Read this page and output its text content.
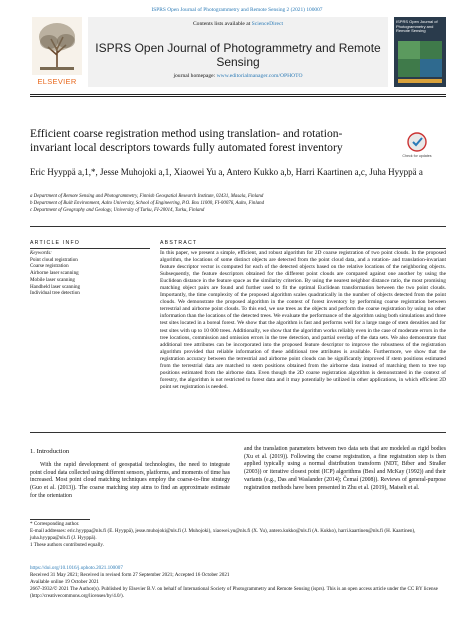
ISPRS Open Journal of Photogrammetry and Remote Sensing 2 (2021) 100007
ELSEVIER
Contents lists available at ScienceDirect
ISPRS Open Journal of Photogrammetry and Remote Sensing
journal homepage: www.editorialmanager.com/OPHOTO
ISPRS Open Journal of Photogrammetry and Remote Sensing
Efficient coarse registration method using translation- and rotation-invariant local descriptors towards fully automated forest inventory
Check for updates
Eric Hyyppä a,1,*, Jesse Muhojoki a,1, Xiaowei Yu a, Antero Kukko a,b, Harri Kaartinen a,c, Juha Hyyppä a
a Department of Remote Sensing and Photogrammetry, Finnish Geospatial Research Institute, 02431, Masala, Finland
b Department of Built Environment, Aalto University, School of Engineering, P.O. Box 11000, FI-00076, Aalto, Finland
c Department of Geography and Geology, University of Turku, FI-20014, Turku, Finland
ARTICLE INFO	ABSTRACT
Keywords:
Point cloud registration
Coarse registration
Airborne laser scanning
Mobile laser scanning
Handheld laser scanning
Individual tree detection

In this paper, we present a simple, efficient, and robust algorithm for 2D coarse registration of two point clouds. In the proposed algorithm, the locations of some distinct objects are detected from the point cloud data, and a rotation- and translation-invariant feature descriptor vector is computed for each of the detected objects based on the relative locations of the neighboring objects. Subsequently, the feature descriptors obtained for the different point clouds are compared against one another by using the Euclidean distance in the feature space as the similarity criterion. By using the nearest neighbor distance ratio, the most promising matching object pairs are found and further used to fit the optimal Euclidean transformation between the two point clouds. Importantly, the time complexity of the proposed algorithm scales quadratically in the number of objects detected from the point clouds. We demonstrate the proposed algorithm in the context of forest inventory by performing coarse registration between terrestrial and airborne point clouds. To this end, we use trees as the objects and perform the coarse registration by using no other information than the locations of the detected trees. We evaluate the performance of the algorithm using both simulations and three test sites located in a boreal forest. We show that the algorithm is fast and performs well for a large range of stem densities and for test sites with up to 10 000 trees. Additionally, we show that the algorithm works reliably even in the case of moderate errors in the tree locations, commission and omission errors in the tree detection, and partial overlap of the data sets. We also demonstrate that additional tree attributes can be incorporated into the proposed feature descriptor to improve the robustness of the registration algorithm provided that reliable information of these additional tree attributes is available. Furthermore, we show that the registration accuracy between the terrestrial and airborne point clouds can be significantly improved if stem positions estimated from the terrestrial data are matched to stem positions obtained from the airborne data instead of matching them to tree top positions estimated from the airborne data. Even though the 2D coarse registration algorithm is demonstrated in the context of forestry, the algorithm is not restricted to forest data and it may potentially be utilized in other applications, in which efficient 2D point set registration is needed.

1. Introduction

With the rapid development of geospatial technologies, the need to integrate point cloud data collected using different sensors, platforms, and moments of time has increased. Most point cloud matching techniques employ the coarse-to-fine strategy (Guo et al. (2013)). The coarse matching step aims to find an approximate estimate for the orientation

and the translation parameters between two data sets that are modeled as rigid bodies (Xu et al. (2019)). Following the coarse registration, a fine registration step is then applied typically using a normal distribution transform (NDT, Biber and Straßer (2003)) or iterative closest point (ICP) algorithms (Besl and McKay (1992)) and their variants (e.g., Das and Waslander (2014); Čemaí (2008)). Reviews of general-purpose registration methods have been presented in Zhu et al. (2019), Maiseli et al.

* Corresponding author.
E-mail addresses: eric.hyyppa@nls.fi (E. Hyyppä), jesse.muhojoki@nls.fi (J. Muhojoki), xiaowei.yu@nls.fi (X. Yu), antero.kukko@nls.fi (A. Kukko), harri.kaartinen@nls.fi (H. Kaartinen), juha.hyyppa@nls.fi (J. Hyyppä).
1 These authors contributed equally.
https://doi.org/10.1016/j.ophoto.2021.100007
Received 31 May 2021; Received in revised form 27 September 2021; Accepted 16 October 2021
Available online 19 October 2021
2667-3932/© 2021 The Author(s). Published by Elsevier B.V. on behalf of International Society of Photogrammetry and Remote Sensing (isprs). This is an open access article under the CC BY license (http://creativecommons.org/licenses/by/4.0/).
